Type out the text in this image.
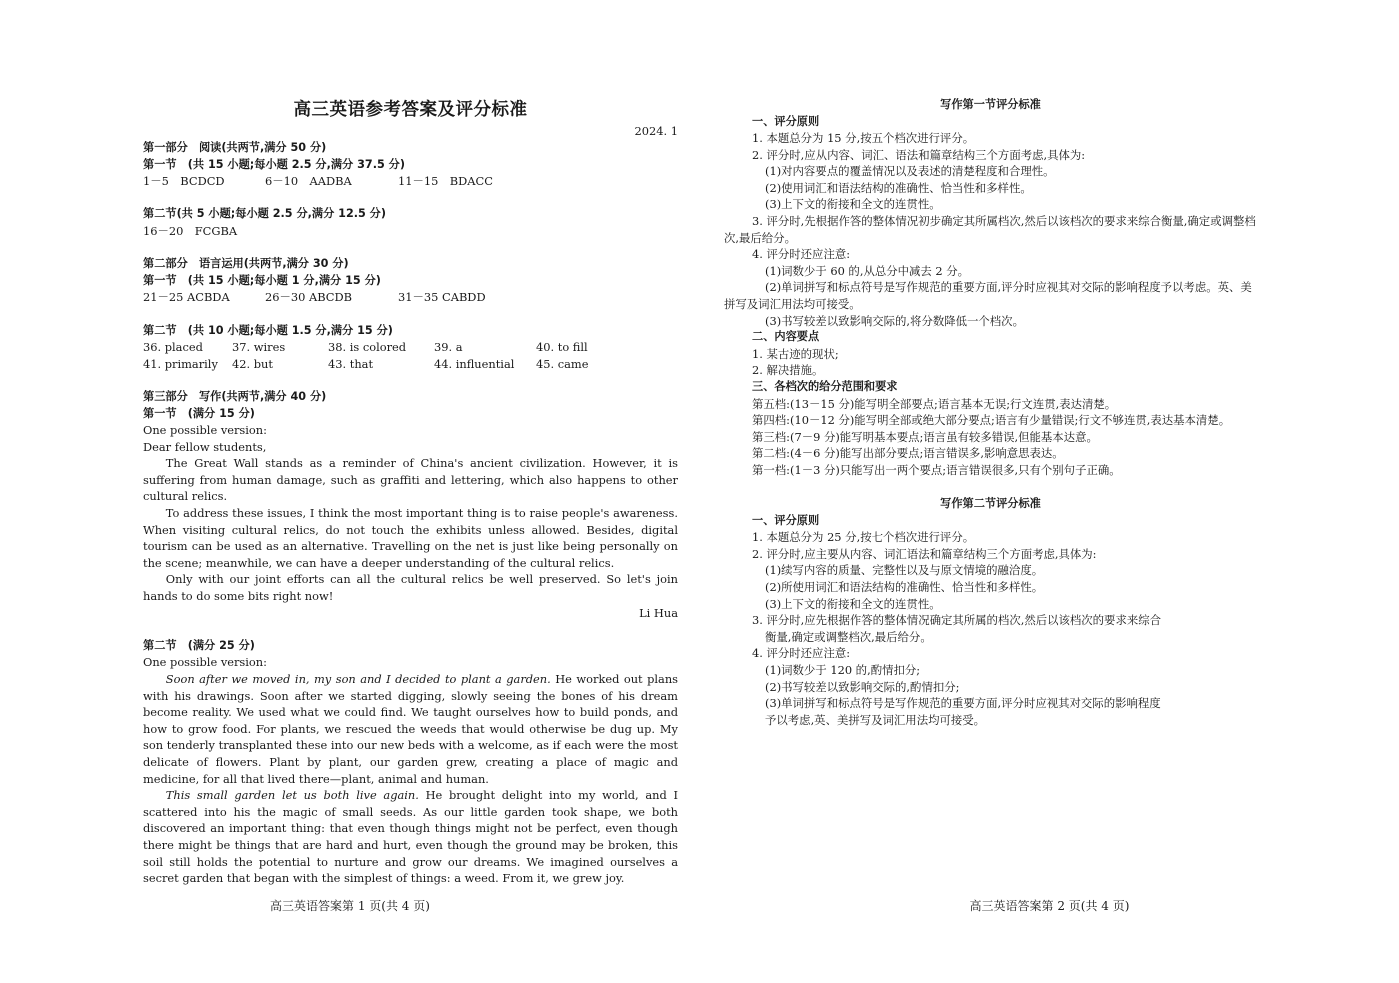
高三英语参考答案及评分标准
2024. 1
第一部分　阅读(共两节,满分 50 分)
第一节　(共 15 小题;每小题 2.5 分,满分 37.5 分)
1－5　BCDCD	6－10　AADBA	11－15　BDACC
第二节(共 5 小题;每小题 2.5 分,满分 12.5 分)
16－20　FCGBA
第二部分　语言运用(共两节,满分 30 分)
第一节　(共 15 小题;每小题 1 分,满分 15 分)
21－25 ACBDA	26－30 ABCDB	31－35 CABDD
第二节　(共 10 小题;每小题 1.5 分,满分 15 分)
36. placed	37. wires	38. is colored	39. a	40. to fill
41. primarily	42. but	43. that	44. influential	45. came
第三部分　写作(共两节,满分 40 分)
第一节　(满分 15 分)

One possible version:

Dear fellow students,

The Great Wall stands as a reminder of China's ancient civilization. However, it is suffering from human damage, such as graffiti and lettering, which also happens to other cultural relics.

To address these issues, I think the most important thing is to raise people's awareness. When visiting cultural relics, do not touch the exhibits unless allowed. Besides, digital tourism can be used as an alternative. Travelling on the net is just like being personally on the scene; meanwhile, we can have a deeper understanding of the cultural relics.

Only with our joint efforts can all the cultural relics be well preserved. So let's join hands to do some bits right now!

Li Hua
第二节　(满分 25 分)

One possible version:

Soon after we moved in, my son and I decided to plant a garden. He worked out plans with his drawings. Soon after we started digging, slowly seeing the bones of his dream become reality. We used what we could find. We taught ourselves how to build ponds, and how to grow food. For plants, we rescued the weeds that would otherwise be dug up. My son tenderly transplanted these into our new beds with a welcome, as if each were the most delicate of flowers. Plant by plant, our garden grew, creating a place of magic and medicine, for all that lived there—plant, animal and human.

This small garden let us both live again. He brought delight into my world, and I scattered into his the magic of small seeds. As our little garden took shape, we both discovered an important thing: that even though things might not be perfect, even though there might be things that are hard and hurt, even though the ground may be broken, this soil still holds the potential to nurture and grow our dreams. We imagined ourselves a secret garden that began with the simplest of things: a weed. From it, we grew joy.

高三英语答案第 1 页(共 4 页)
写作第一节评分标准

一、评分原则

1. 本题总分为 15 分,按五个档次进行评分。

2. 评分时,应从内容、词汇、语法和篇章结构三个方面考虑,具体为:

(1)对内容要点的覆盖情况以及表述的清楚程度和合理性。

(2)使用词汇和语法结构的准确性、恰当性和多样性。

(3)上下文的衔接和全文的连贯性。

3. 评分时,先根据作答的整体情况初步确定其所属档次,然后以该档次的要求来综合衡量,确定或调整档次,最后给分。

4. 评分时还应注意:

(1)词数少于 60 的,从总分中减去 2 分。

(2)单词拼写和标点符号是写作规范的重要方面,评分时应视其对交际的影响程度予以考虑。英、美拼写及词汇用法均可接受。

(3)书写较差以致影响交际的,将分数降低一个档次。

二、内容要点

1. 某古迹的现状;

2. 解决措施。

三、各档次的给分范围和要求

第五档:(13－15 分)能写明全部要点;语言基本无误;行文连贯,表达清楚。

第四档:(10－12 分)能写明全部或绝大部分要点;语言有少量错误;行文不够连贯,表达基本清楚。

第三档:(7－9 分)能写明基本要点;语言虽有较多错误,但能基本达意。

第二档:(4－6 分)能写出部分要点;语言错误多,影响意思表达。

第一档:(1－3 分)只能写出一两个要点;语言错误很多,只有个别句子正确。

写作第二节评分标准

一、评分原则

1. 本题总分为 25 分,按七个档次进行评分。

2. 评分时,应主要从内容、词汇语法和篇章结构三个方面考虑,具体为:

(1)续写内容的质量、完整性以及与原文情境的融洽度。

(2)所使用词汇和语法结构的准确性、恰当性和多样性。

(3)上下文的衔接和全文的连贯性。

3. 评分时,应先根据作答的整体情况确定其所属的档次,然后以该档次的要求来综合

衡量,确定或调整档次,最后给分。

4. 评分时还应注意:

(1)词数少于 120 的,酌情扣分;

(2)书写较差以致影响交际的,酌情扣分;

(3)单词拼写和标点符号是写作规范的重要方面,评分时应视其对交际的影响程度

予以考虑,英、美拼写及词汇用法均可接受。

高三英语答案第 2 页(共 4 页)
